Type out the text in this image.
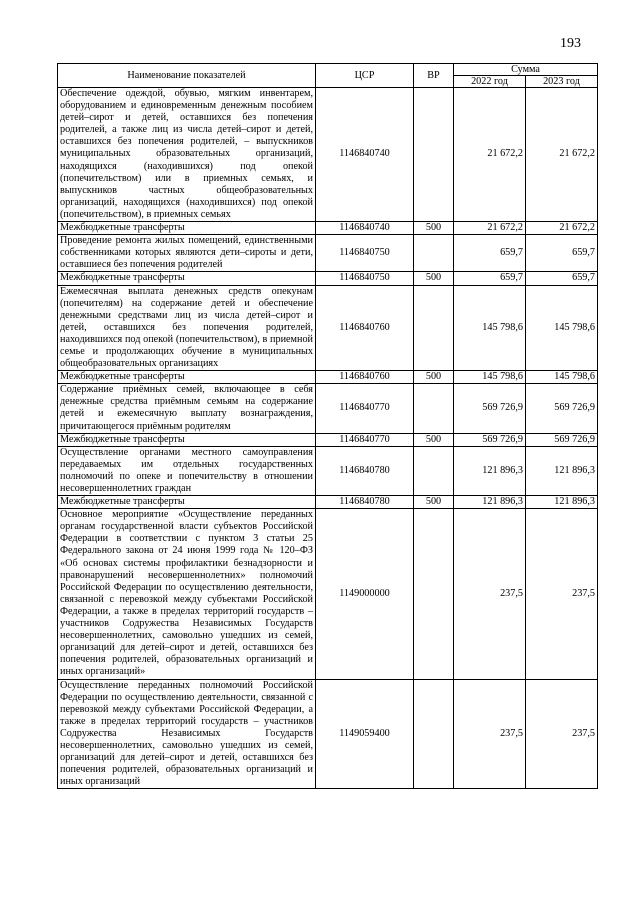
193
Наименование показателей	ЦСР	ВР	Сумма	
			2022 год	2023 год
Обеспечение одеждой, обувью, мягким инвентарем, оборудованием и единовременным денежным пособием детей–сирот и детей, оставшихся без попечения родителей, а также лиц из числа детей–сирот и детей, оставшихся без попечения родителей, – выпускников муниципальных образовательных организаций, находящихся (находившихся) под опекой (попечительством) или в приемных семьях, и выпускников частных общеобразовательных организаций, находящихся (находившихся) под опекой (попечительством), в приемных семьях	1146840740		21 672,2	21 672,2
Межбюджетные трансферты	1146840740	500	21 672,2	21 672,2
Проведение ремонта жилых помещений, единственными собственниками которых являются дети–сироты и дети, оставшиеся без попечения родителей	1146840750		659,7	659,7
Межбюджетные трансферты	1146840750	500	659,7	659,7
Ежемесячная выплата денежных средств опекунам (попечителям) на содержание детей и обеспечение денежными средствами лиц из числа детей–сирот и детей, оставшихся без попечения родителей, находившихся под опекой (попечительством), в приемной семье и продолжающих обучение в муниципальных общеобразовательных организациях	1146840760		145 798,6	145 798,6
Межбюджетные трансферты	1146840760	500	145 798,6	145 798,6
Содержание приёмных семей, включающее в себя денежные средства приёмным семьям на содержание детей и ежемесячную выплату вознаграждения, причитающегося приёмным родителям	1146840770		569 726,9	569 726,9
Межбюджетные трансферты	1146840770	500	569 726,9	569 726,9
Осуществление органами местного самоуправления передаваемых им отдельных государственных полномочий по опеке и попечительству в отношении несовершеннолетних граждан	1146840780		121 896,3	121 896,3
Межбюджетные трансферты	1146840780	500	121 896,3	121 896,3
Основное мероприятие «Осуществление переданных органам государственной власти субъектов Российской Федерации в соответствии с пунктом 3 статьи 25 Федерального закона от 24 июня 1999 года № 120–ФЗ «Об основах системы профилактики безнадзорности и правонарушений несовершеннолетних» полномочий Российской Федерации по осуществлению деятельности, связанной с перевозкой между субъектами Российской Федерации, а также в пределах территорий государств – участников Содружества Независимых Государств несовершеннолетних, самовольно ушедших из семей, организаций для детей–сирот и детей, оставшихся без попечения родителей, образовательных организаций и иных организаций»	1149000000		237,5	237,5
Осуществление переданных полномочий Российской Федерации по осуществлению деятельности, связанной с перевозкой между субъектами Российской Федерации, а также в пределах территорий государств – участников Содружества Независимых Государств несовершеннолетних, самовольно ушедших из семей, организаций для детей–сирот и детей, оставшихся без попечения родителей, образовательных организаций и иных организаций	1149059400		237,5	237,5
